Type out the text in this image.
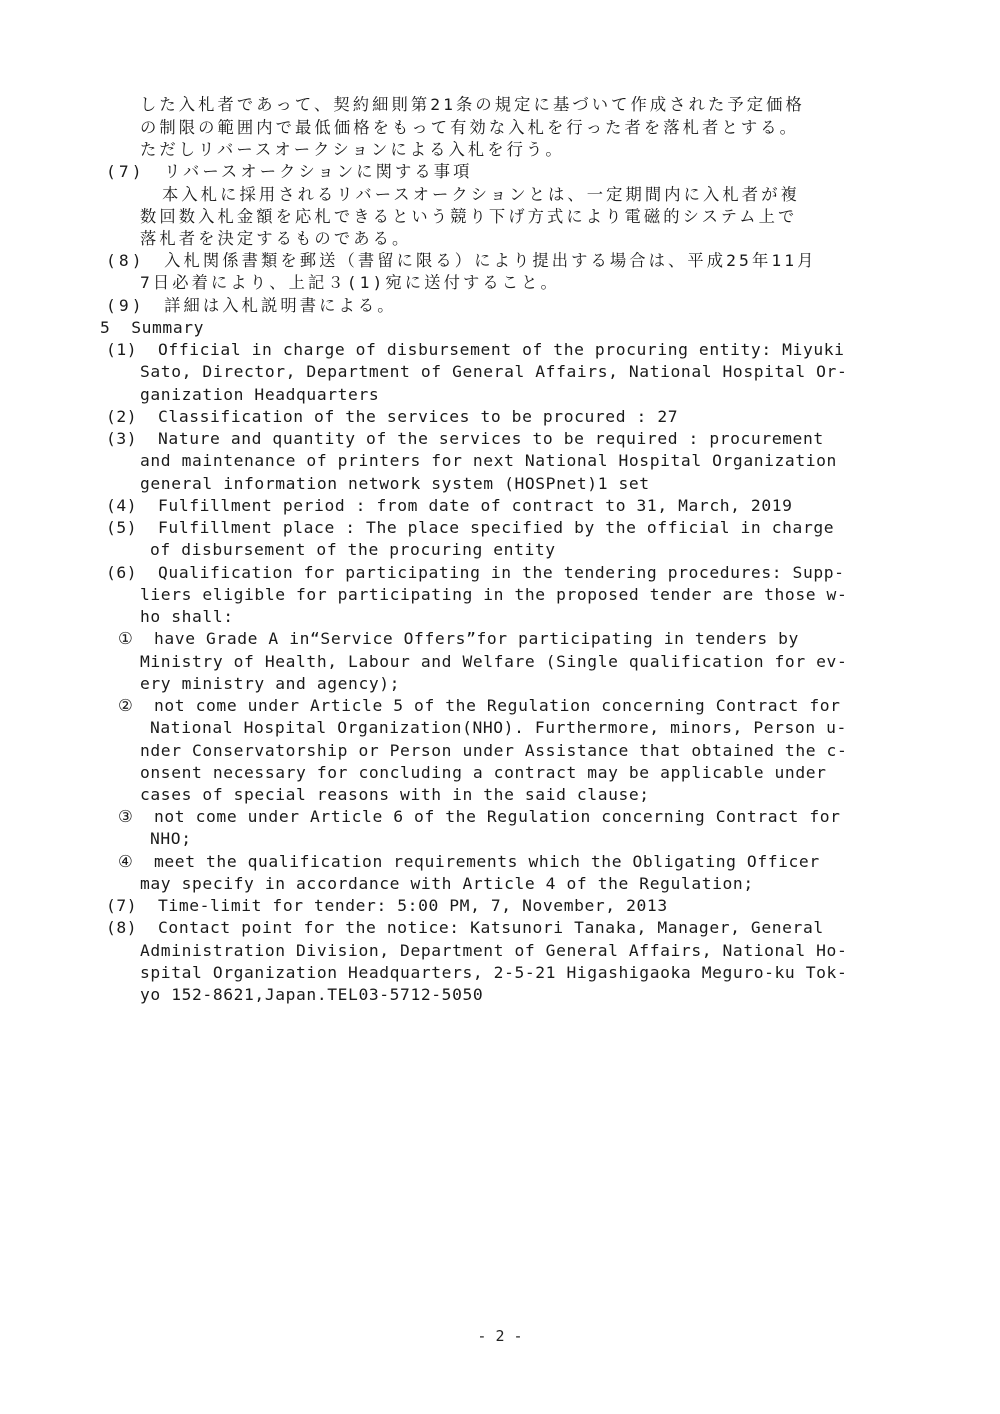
した入札者であって、契約細則第21条の規定に基づいて作成された予定価格
の制限の範囲内で最低価格をもって有効な入札を行った者を落札者とする。
ただしリバースオークションによる入札を行う。
(7)　リバースオークションに関する事項
本入札に採用されるリバースオークションとは、一定期間内に入札者が複
数回数入札金額を応札できるという競り下げ方式により電磁的システム上で
落札者を決定するものである。
(8)　入札関係書類を郵送（書留に限る）により提出する場合は、平成25年11月
7日必着により、上記３(1)宛に送付すること。
(9)　詳細は入札説明書による。
5  Summary
(1)  Official in charge of disbursement of the procuring entity: Miyuki
Sato, Director, Department of General Affairs, National Hospital Or-
ganization Headquarters
(2)  Classification of the services to be procured : 27
(3)  Nature and quantity of the services to be required : procurement
and maintenance of printers for next National Hospital Organization
general information network system (HOSPnet)1 set
(4)  Fulfillment period : from date of contract to 31, March, 2019
(5)  Fulfillment place : The place specified by the official in charge
of disbursement of the procuring entity
(6)  Qualification for participating in the tendering procedures: Supp-
liers eligible for participating in the proposed tender are those w-
ho shall:
①  have Grade A in“Service Offers”for participating in tenders by
Ministry of Health, Labour and Welfare (Single qualification for ev-
ery ministry and agency);
②  not come under Article 5 of the Regulation concerning Contract for
National Hospital Organization(NHO). Furthermore, minors, Person u-
nder Conservatorship or Person under Assistance that obtained the c-
onsent necessary for concluding a contract may be applicable under
cases of special reasons with in the said clause;
③  not come under Article 6 of the Regulation concerning Contract for
NHO;
④  meet the qualification requirements which the Obligating Officer
may specify in accordance with Article 4 of the Regulation;
(7)  Time-limit for tender: 5:00 PM, 7, November, 2013
(8)  Contact point for the notice: Katsunori Tanaka, Manager, General
Administration Division, Department of General Affairs, National Ho-
spital Organization Headquarters, 2-5-21 Higashigaoka Meguro-ku Tok-
yo 152-8621,Japan.TEL03-5712-5050
- 2 -
